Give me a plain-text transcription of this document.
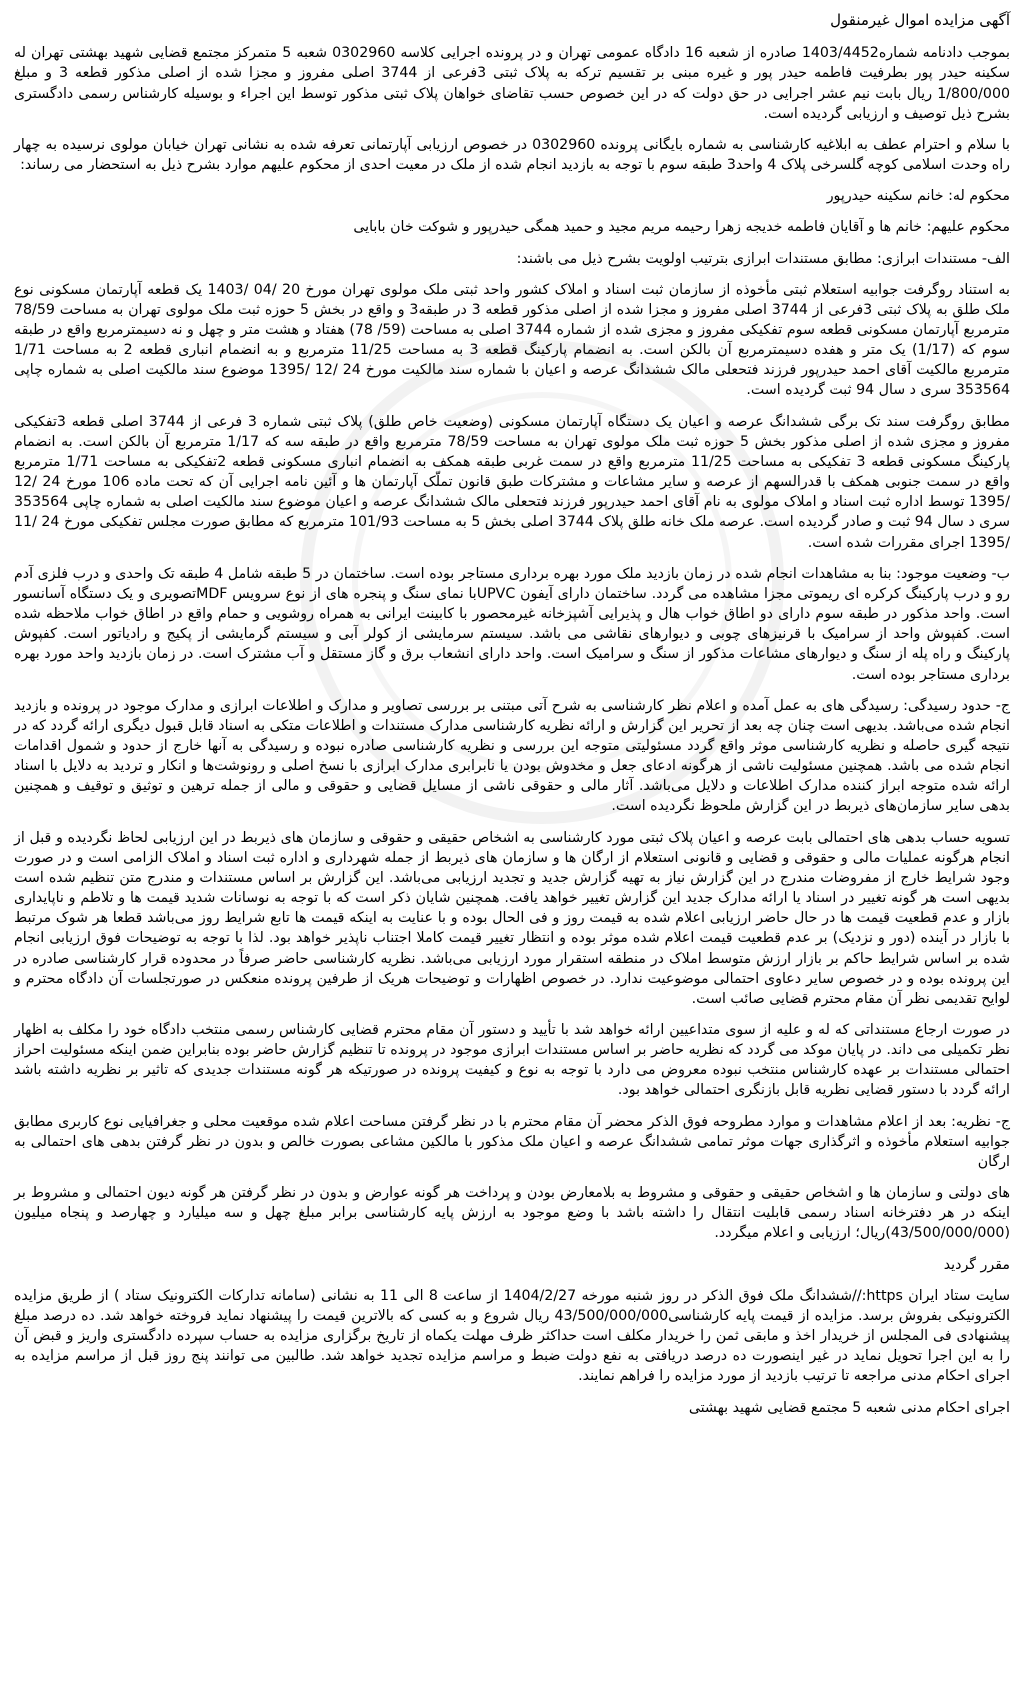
آگهی مزایده اموال غیرمنقول

بموجب دادنامه شماره1403/4452 صادره از شعبه 16 دادگاه عمومی تهران و در پرونده اجرایی کلاسه 0302960 شعبه 5 متمرکز مجتمع قضایی شهید بهشتی تهران له سکینه حیدر پور بطرفیت فاطمه حیدر پور و غیره مبنی بر تقسیم ترکه به پلاک ثبتی 3فرعی از 3744 اصلی مفروز و مجزا شده از اصلی مذکور قطعه 3 و مبلغ 1/800/000 ریال بابت نیم عشر اجرایی در حق دولت که در این خصوص حسب تقاضای خواهان پلاک ثبتی مذکور توسط این اجراء و بوسیله کارشناس رسمی دادگستری بشرح ذیل توصیف و ارزیابی گردیده است.

با سلام و احترام عطف به ابلاغیه کارشناسی به شماره بایگانی پرونده 0302960 در خصوص ارزیابی آپارتمانی تعرفه شده به نشانی تهران خیابان مولوی نرسیده به چهار راه وحدت اسلامی کوچه گلسرخی پلاک 4 واحد3 طبقه سوم با توجه به بازدید انجام شده از ملک در معیت احدی از محکوم علیهم موارد بشرح ذیل به استحضار می رساند:

محکوم له: خانم سکینه حیدرپور

محکوم علیهم: خانم ها و آقایان فاطمه خدیجه زهرا رحیمه مریم مجید و حمید همگی حیدرپور و شوکت خان بابایی

الف- مستندات ابرازی: مطابق مستندات ابرازی بترتیب اولویت بشرح ذیل می باشند:

به استناد روگرفت جوابیه استعلام ثبتی مأخوذه از سازمان ثبت اسناد و املاک کشور واحد ثبتی ملک مولوی تهران مورخ 20 /04 /1403 یک قطعه آپارتمان مسکونی نوع ملک طلق به پلاک ثبتی 3فرعی از 3744 اصلی مفروز و مجزا شده از اصلی مذکور قطعه 3 در طبقه3 و واقع در بخش 5 حوزه ثبت ملک مولوی تهران به مساحت 78/59 مترمربع آپارتمان مسکونی قطعه سوم تفکیکی مفروز و مجزی شده از شماره 3744 اصلی به مساحت (59/ 78) هفتاد و هشت متر و چهل و نه دسیمترمربع واقع در طبقه سوم که (1/17) یک متر و هفده دسیمترمربع آن بالکن است. به انضمام پارکینگ قطعه 3 به مساحت 11/25 مترمربع و به انضمام انباری قطعه 2 به مساحت 1/71 مترمربع مالکیت آقای احمد حیدرپور فرزند فتحعلی مالک ششدانگ عرصه و اعیان با شماره سند مالکیت مورخ 24 /12 /1395 موضوع سند مالکیت اصلی به شماره چاپی 353564 سری د سال 94 ثبت گردیده است.

مطابق روگرفت سند تک برگی ششدانگ عرصه و اعیان یک دستگاه آپارتمان مسکونی (وضعیت خاص طلق) پلاک ثبتی شماره 3 فرعی از 3744 اصلی قطعه 3تفکیکی مفروز و مجزی شده از اصلی مذکور بخش 5 حوزه ثبت ملک مولوی تهران به مساحت 78/59 مترمربع واقع در طبقه سه که 1/17 مترمربع آن بالکن است. به انضمام پارکینگ مسکونی قطعه 3 تفکیکی به مساحت 11/25 مترمربع واقع در سمت غربی طبقه همکف به انضمام انباری مسکونی قطعه 2تفکیکی به مساحت 1/71 مترمربع واقع در سمت جنوبی همکف با قدرالسهم از عرصه و سایر مشاعات و مشترکات طبق قانون تملّک آپارتمان ها و آئین نامه اجرایی آن که تحت ماده 106 مورخ 24 /12 /1395 توسط اداره ثبت اسناد و املاک مولوی به نام آقای احمد حیدرپور فرزند فتحعلی مالک ششدانگ عرصه و اعیان موضوع سند مالکیت اصلی به شماره چاپی 353564 سری د سال 94 ثبت و صادر گردیده است. عرصه ملک خانه طلق پلاک 3744 اصلی بخش 5 به مساحت 101/93 مترمربع که مطابق صورت مجلس تفکیکی مورخ 24 /11 /1395 اجرای مقررات شده است.

ب- وضعیت موجود: بنا به مشاهدات انجام شده در زمان بازدید ملک مورد بهره برداری مستاجر بوده است. ساختمان در 5 طبقه شامل 4 طبقه تک واحدی و درب فلزی آدم رو و درب پارکینگ کرکره ای ریموتی مجزا مشاهده می گردد. ساختمان دارای آیفون UPVCبا نمای سنگ و پنجره های از نوع سرویس MDFتصویری و یک دستگاه آسانسور است. واحد مذکور در طبقه سوم دارای دو اطاق خواب هال و پذیرایی آشپزخانه غیرمحصور با کابینت ایرانی به همراه روشویی و حمام واقع در اطاق خواب ملاحظه شده است. کفپوش واحد از سرامیک با قرنیزهای چوبی و دیوارهای نقاشی می باشد. سیستم سرمایشی از کولر آبی و سیستم گرمایشی از پکیج و رادیاتور است. کفپوش پارکینگ و راه پله از سنگ و دیوارهای مشاعات مذکور از سنگ و سرامیک است. واحد دارای انشعاب برق و گاز مستقل و آب مشترک است. در زمان بازدید واحد مورد بهره برداری مستاجر بوده است.

ج- حدود رسیدگی: رسیدگی های به عمل آمده و اعلام نظر کارشناسی به شرح آتی مبتنی بر بررسی تصاویر و مدارک و اطلاعات ابرازی و مدارک موجود در پرونده و بازدید انجام شده می‌باشد. بدیهی است چنان چه بعد از تحریر این گزارش و ارائه نظریه کارشناسی مدارک مستندات و اطلاعات متکی به اسناد قابل قبول دیگری ارائه گردد که در نتیجه گیری حاصله و نظریه کارشناسی موثر واقع گردد مسئولیتی متوجه این بررسی و نظریه کارشناسی صادره نبوده و رسیدگی به آنها خارج از حدود و شمول اقدامات انجام شده می باشد. همچنین مسئولیت ناشی از هرگونه ادعای جعل و مخدوش بودن یا نابرابری مدارک ابرازی با نسخ اصلی و رونوشت‌ها و انکار و تردید به دلایل با اسناد ارائه شده متوجه ابراز کننده مدارک اطلاعات و دلایل می‌باشد. آثار مالی و حقوقی ناشی از مسایل قضایی و حقوقی و مالی از جمله ترهین و توثیق و توقیف و همچنین بدهی سایر سازمان‌های ذیربط در این گزارش ملحوظ نگردیده است.

تسویه حساب بدهی های احتمالی بابت عرصه و اعیان پلاک ثبتی مورد کارشناسی به اشخاص حقیقی و حقوقی و سازمان های ذیربط در این ارزیابی لحاظ نگردیده و قبل از انجام هرگونه عملیات مالی و حقوقی و قضایی و قانونی استعلام از ارگان ها و سازمان های ذیربط از جمله شهرداری و اداره ثبت اسناد و املاک الزامی است و در صورت وجود شرایط خارج از مفروضات مندرج در این گزارش نیاز به تهیه گزارش جدید و تجدید ارزیابی می‌باشد. این گزارش بر اساس مستندات و مندرج متن تنظیم شده است بدیهی است هر گونه تغییر در اسناد یا ارائه مدارک جدید این گزارش تغییر خواهد یافت. همچنین شایان ذکر است که با توجه به نوسانات شدید قیمت ها و تلاطم و ناپایداری بازار و عدم قطعیت قیمت ها در حال حاضر ارزیابی اعلام شده به قیمت روز و فی الحال بوده و با عنایت به اینکه قیمت ها تابع شرایط روز می‌باشد قطعا هر شوک مرتبط با بازار در آینده (دور و نزدیک) بر عدم قطعیت قیمت اعلام شده موثر بوده و انتظار تغییر قیمت کاملا اجتناب ناپذیر خواهد بود. لذا با توجه به توضیحات فوق ارزیابی انجام شده بر اساس شرایط حاکم بر بازار ارزش متوسط املاک در منطقه استقرار مورد ارزیابی می‌باشد. نظریه کارشناسی حاضر صرفاً در محدوده قرار کارشناسی صادره در این پرونده بوده و در خصوص سایر دعاوی احتمالی موضوعیت ندارد. در خصوص اظهارات و توضیحات هریک از طرفین پرونده منعکس در صورتجلسات آن دادگاه محترم و لوایح تقدیمی نظر آن مقام محترم قضایی صائب است.

در صورت ارجاع مستنداتی که له و علیه از سوی متداعیین ارائه خواهد شد با تأیید و دستور آن مقام محترم قضایی کارشناس رسمی منتخب دادگاه خود را مکلف به اظهار نظر تکمیلی می داند. در پایان موکد می گردد که نظریه حاضر بر اساس مستندات ابرازی موجود در پرونده تا تنظیم گزارش حاضر بوده بنابراین ضمن اینکه مسئولیت احراز احتمالی مستندات بر عهده کارشناس منتخب نبوده معروض می دارد با توجه به نوع و کیفیت پرونده در صورتیکه هر گونه مستندات جدیدی که تاثیر بر نظریه داشته باشد ارائه گردد با دستور قضایی نظریه قابل بازنگری احتمالی خواهد بود.

ج- نظریه: بعد از اعلام مشاهدات و موارد مطروحه فوق الذکر محضر آن مقام محترم با در نظر گرفتن مساحت اعلام شده موقعیت محلی و جغرافیایی نوع کاربری مطابق جوابیه استعلام مأخوذه و اثرگذاری جهات موثر تمامی ششدانگ عرصه و اعیان ملک مذکور با مالکین مشاعی بصورت خالص و بدون در نظر گرفتن بدهی های احتمالی به ارگان

های دولتی و سازمان ها و اشخاص حقیقی و حقوقی و مشروط به بلامعارض بودن و پرداخت هر گونه عوارض و بدون در نظر گرفتن هر گونه دیون احتمالی و مشروط بر اینکه در هر دفترخانه اسناد رسمی قابلیت انتقال را داشته باشد با وضع موجود به ارزش پایه کارشناسی برابر مبلغ چهل و سه میلیارد و چهارصد و پنجاه میلیون (43/500/000/000)ریال؛ ارزیابی و اعلام میگردد.

مقرر گردید

سایت ستاد ایران https://ششدانگ ملک فوق الذکر در روز شنبه مورخه 1404/2/27 از ساعت 8 الی 11 به نشانی (سامانه تدارکات الکترونیک ستاد ) از طریق مزایده الکترونیکی بفروش برسد. مزایده از قیمت پایه کارشناسی43/500/000/000 ریال شروع و به کسی که بالاترین قیمت را پیشنهاد نماید فروخته خواهد شد. ده درصد مبلغ پیشنهادی فی المجلس از خریدار اخذ و مابقی ثمن را خریدار مکلف است حداکثر ظرف مهلت یکماه از تاریخ برگزاری مزایده به حساب سپرده دادگستری واریز و قبض آن را به این اجرا تحویل نماید در غیر اینصورت ده درصد دریافتی به نفع دولت ضبط و مراسم مزایده تجدید خواهد شد. طالبین می توانند پنج روز قبل از مراسم مزایده به اجرای احکام مدنی مراجعه تا ترتیب بازدید از مورد مزایده را فراهم نمایند.

اجرای احکام مدنی شعبه 5 مجتمع قضایی شهید بهشتی
